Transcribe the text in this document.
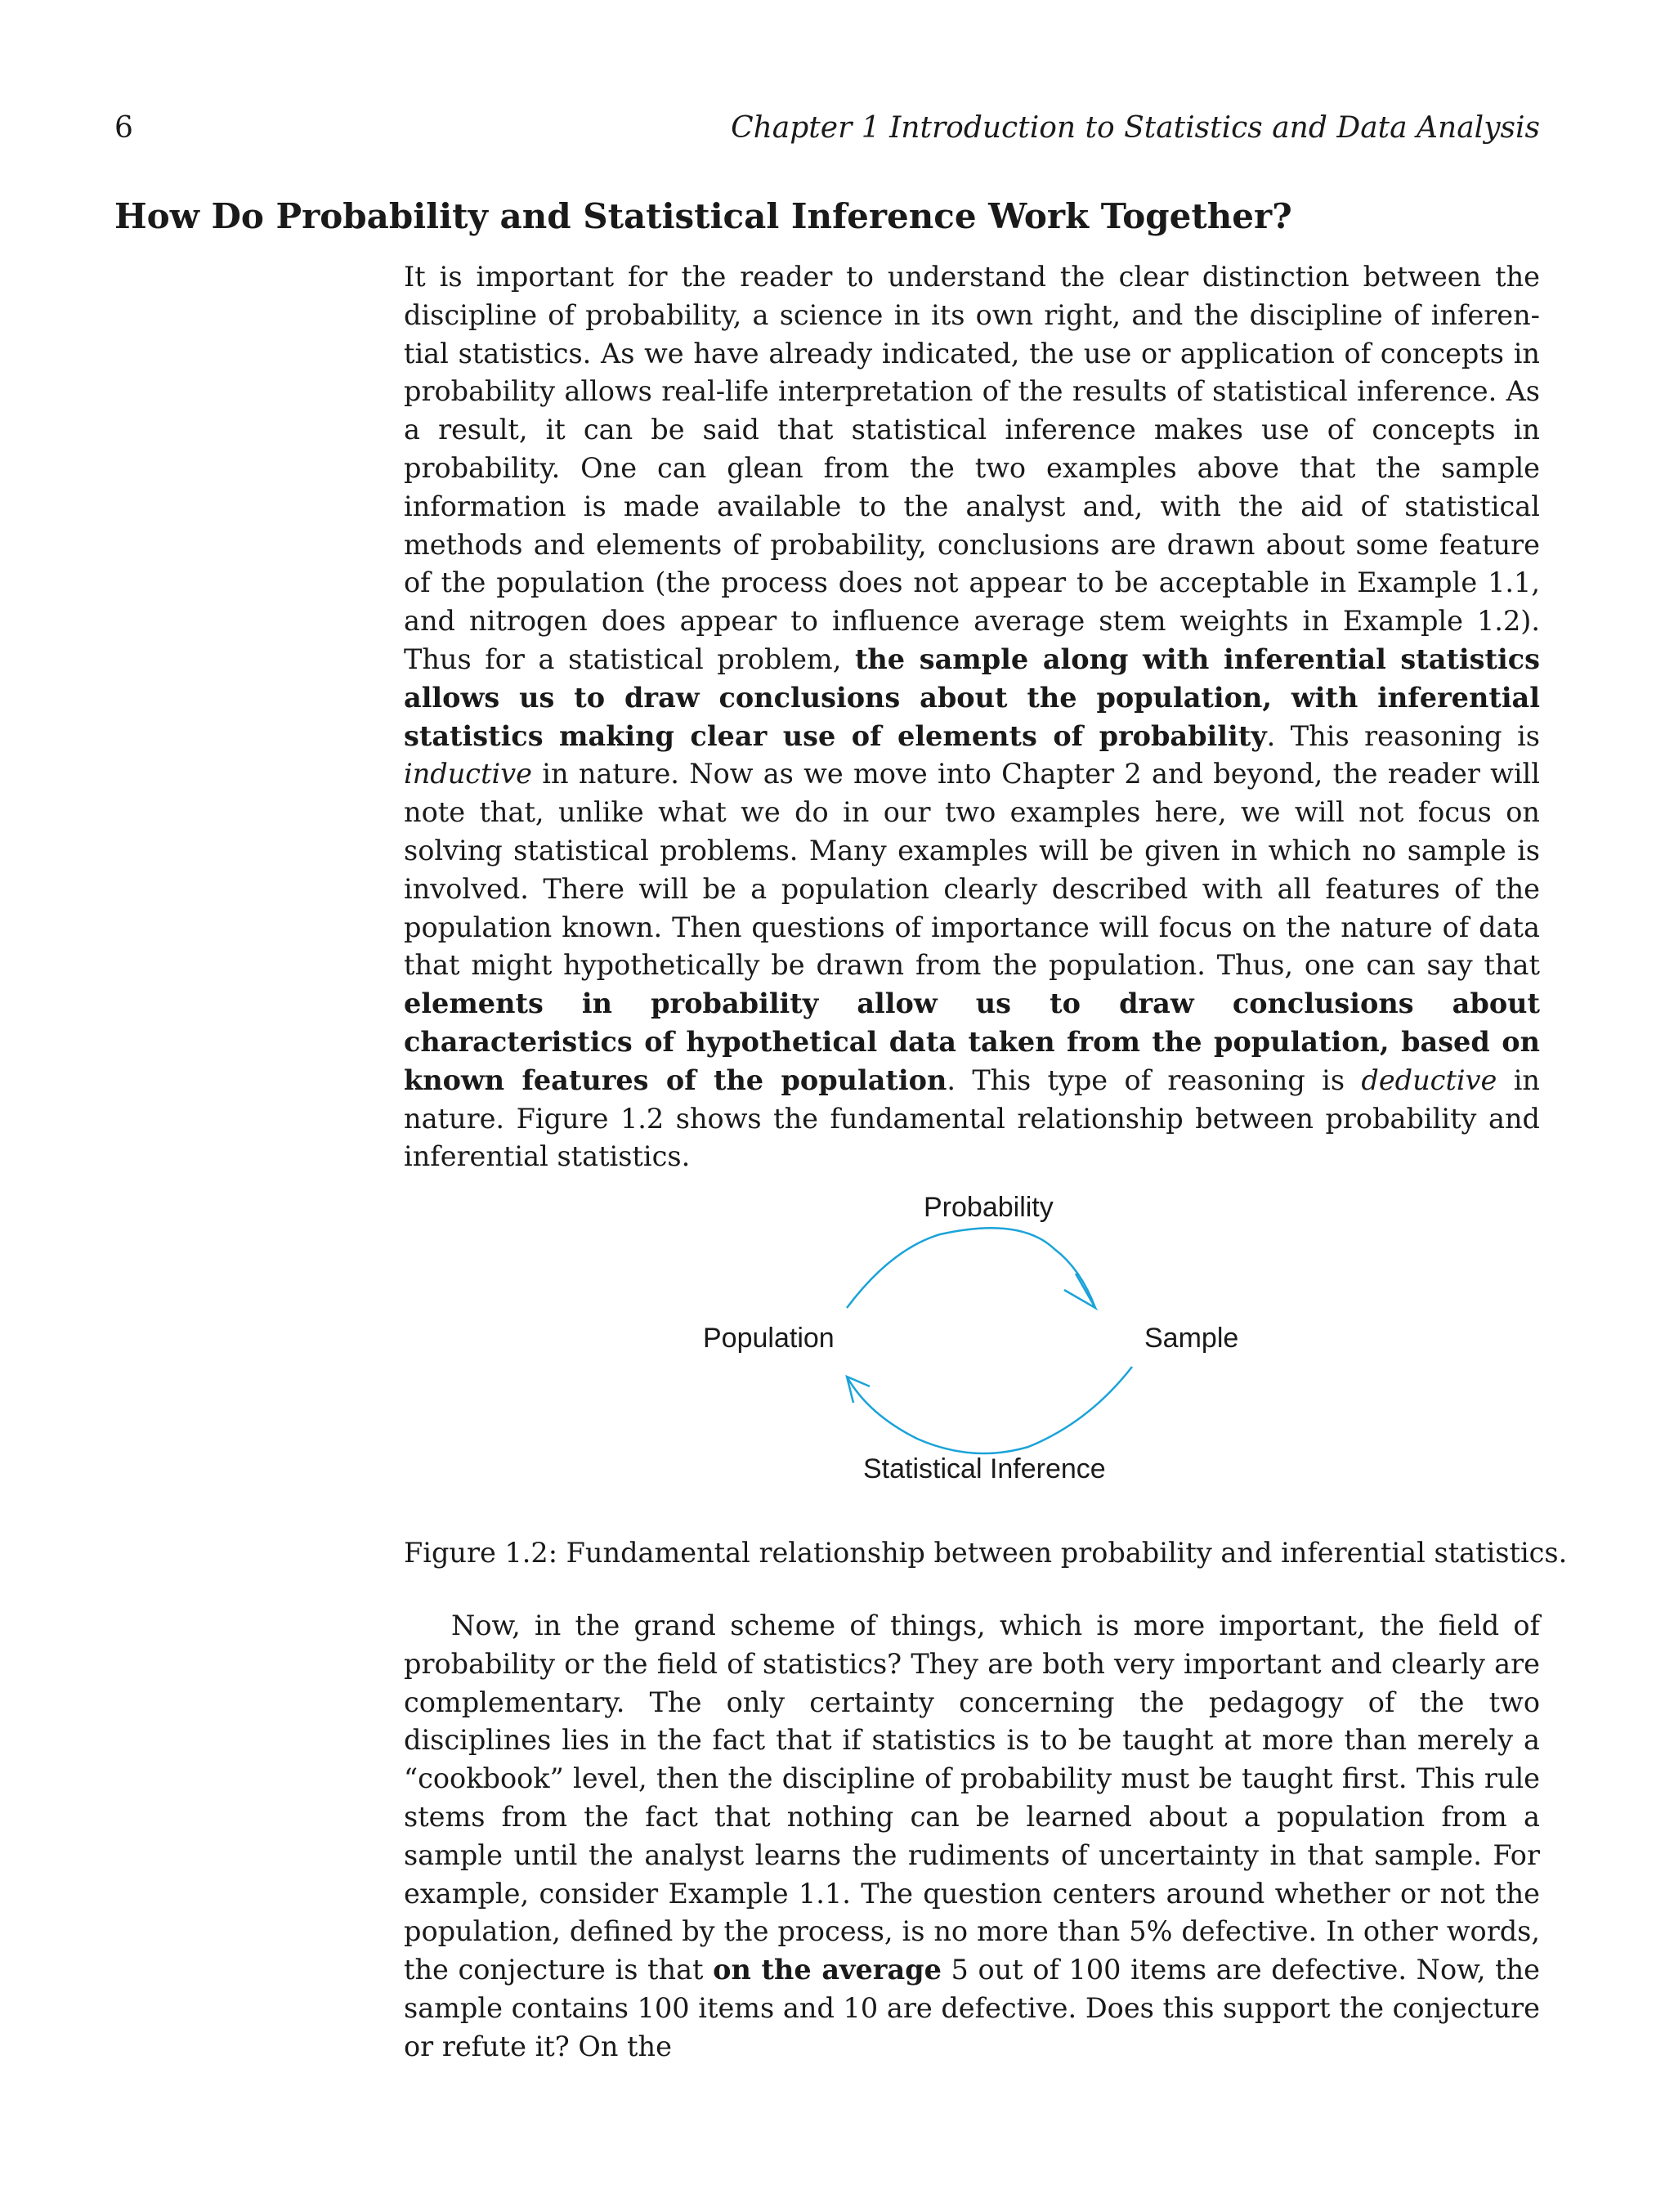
6	Chapter 1 Introduction to Statistics and Data Analysis
How Do Probability and Statistical Inference Work Together?

It is important for the reader to understand the clear distinction between the discipline of probability, a science in its own right, and the discipline of inferential statistics. As we have already indicated, the use or application of concepts in probability allows real-life interpretation of the results of statistical inference. As a result, it can be said that statistical inference makes use of concepts in probability. One can glean from the two examples above that the sample information is made available to the analyst and, with the aid of statistical methods and elements of probability, conclusions are drawn about some feature of the population (the process does not appear to be acceptable in Example 1.1, and nitrogen does appear to influence average stem weights in Example 1.2). Thus for a statistical problem, the sample along with inferential statistics allows us to draw conclusions about the population, with inferential statistics making clear use of elements of probability. This reasoning is inductive in nature. Now as we move into Chapter 2 and beyond, the reader will note that, unlike what we do in our two examples here, we will not focus on solving statistical problems. Many examples will be given in which no sample is involved. There will be a population clearly described with all features of the population known. Then questions of importance will focus on the nature of data that might hypothetically be drawn from the population. Thus, one can say that elements in probability allow us to draw conclusions about characteristics of hypothetical data taken from the population, based on known features of the population. This type of reasoning is deductive in nature. Figure 1.2 shows the fundamental relationship between probability and inferential statistics.

Probability
Population	Sample
Statistical Inference

Figure 1.2: Fundamental relationship between probability and inferential statistics.

Now, in the grand scheme of things, which is more important, the field of probability or the field of statistics? They are both very important and clearly are complementary. The only certainty concerning the pedagogy of the two disciplines lies in the fact that if statistics is to be taught at more than merely a “cookbook” level, then the discipline of probability must be taught first. This rule stems from the fact that nothing can be learned about a population from a sample until the analyst learns the rudiments of uncertainty in that sample. For example, consider Example 1.1. The question centers around whether or not the population, defined by the process, is no more than 5% defective. In other words, the conjecture is that on the average 5 out of 100 items are defective. Now, the sample contains 100 items and 10 are defective. Does this support the conjecture or refute it? On the
